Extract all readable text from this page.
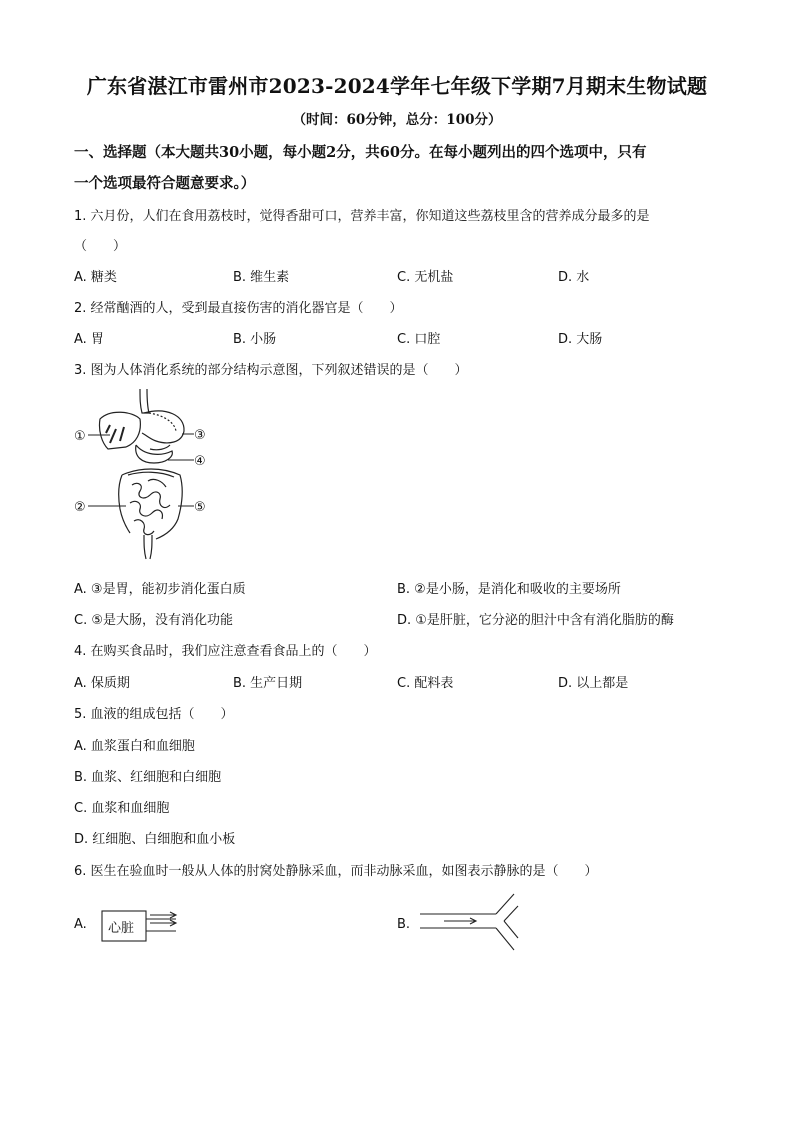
广东省湛江市雷州市2023-2024学年七年级下学期7月期末生物试题
（时间：60分钟，总分：100分）
一、选择题（本大题共30小题，每小题2分，共60分。在每小题列出的四个选项中，只有
一个选项最符合题意要求。）
1. 六月份，人们在食用荔枝时，觉得香甜可口，营养丰富，你知道这些荔枝里含的营养成分最多的是
（　　）
A. 糖类	B. 维生素	C. 无机盐	D. 水
2. 经常酗酒的人，受到最直接伤害的消化器官是（　　）
A. 胃	B. 小肠	C. 口腔	D. 大肠
3. 图为人体消化系统的部分结构示意图，下列叙述错误的是（　　）
①
②
③
④
⑤
A. ③是胃，能初步消化蛋白质	B. ②是小肠，是消化和吸收的主要场所
C. ⑤是大肠，没有消化功能	D. ①是肝脏，它分泌的胆汁中含有消化脂肪的酶
4. 在购买食品时，我们应注意查看食品上的（　　）
A. 保质期	B. 生产日期	C. 配料表	D. 以上都是
5. 血液的组成包括（　　）
A. 血浆蛋白和血细胞
B. 血浆、红细胞和白细胞
C. 血浆和血细胞
D. 红细胞、白细胞和血小板
6. 医生在验血时一般从人体的肘窝处静脉采血，而非动脉采血，如图表示静脉的是（　　）
A. 心脏	B.
